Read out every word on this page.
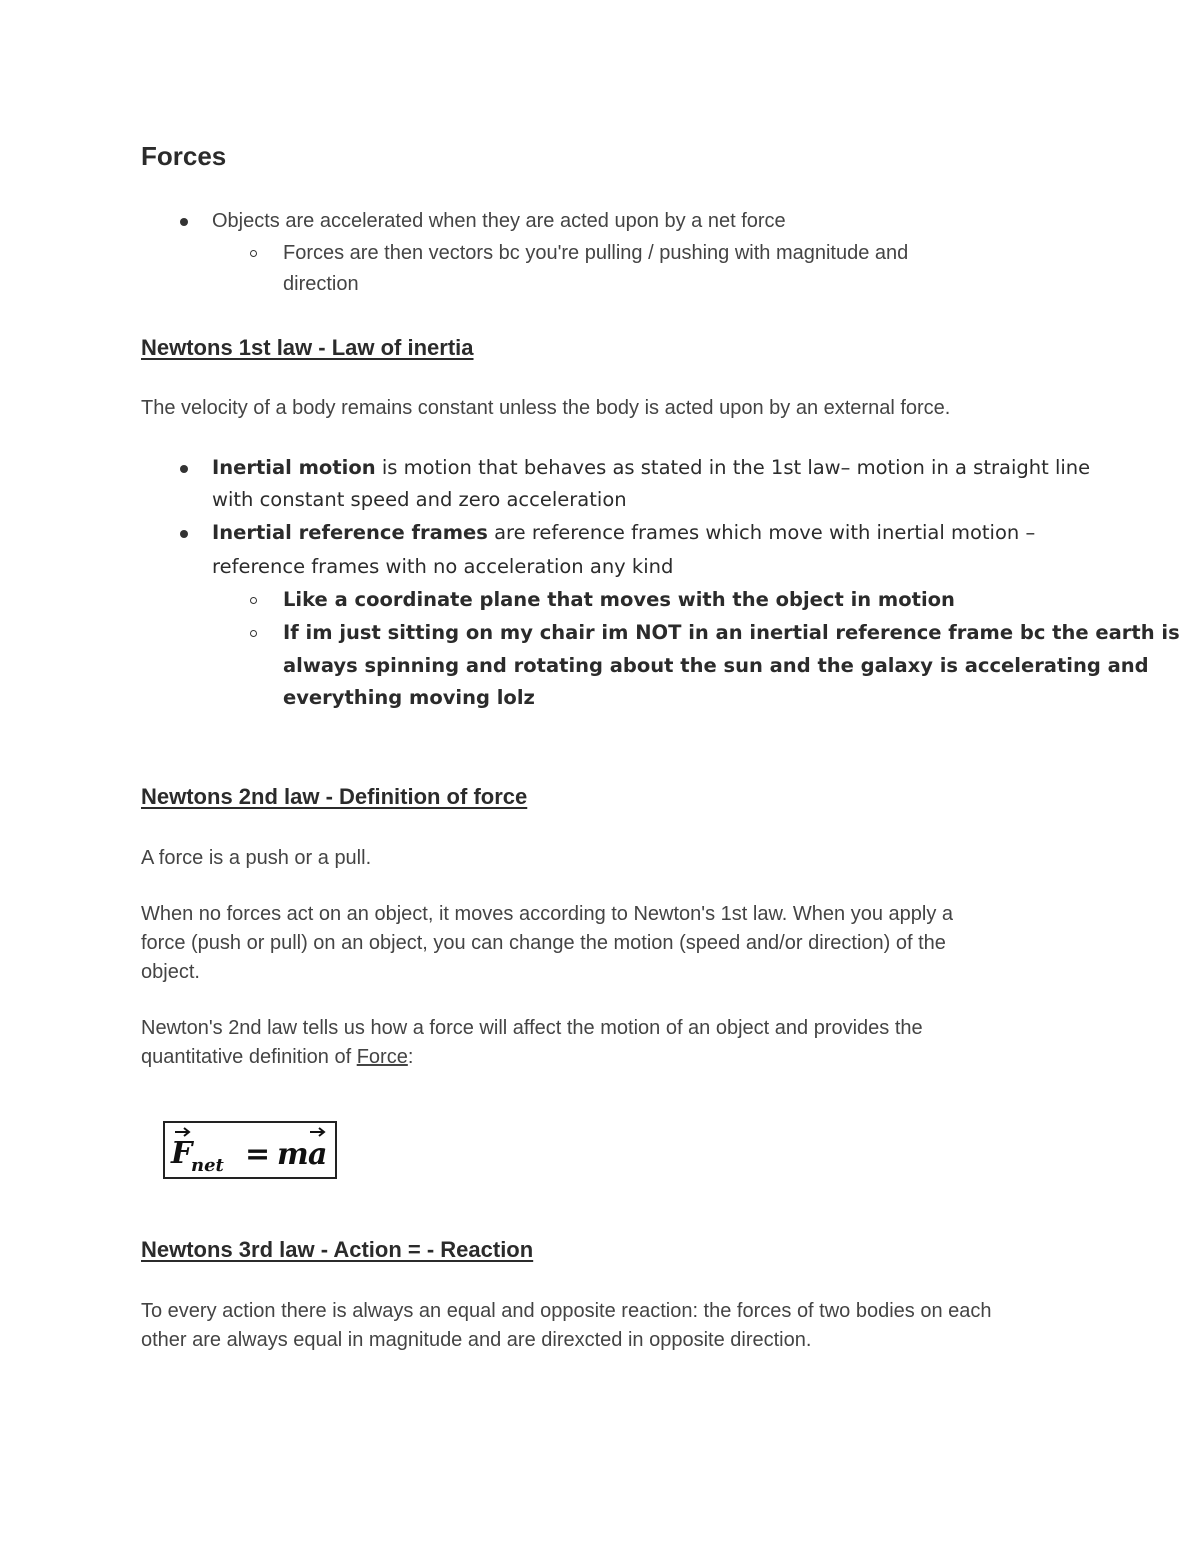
Forces
Objects are accelerated when they are acted upon by a net force
Forces are then vectors bc you're pulling / pushing with magnitude and
direction
Newtons 1st law - Law of inertia
The velocity of a body remains constant unless the body is acted upon by an external force.
Inertial motion is motion that behaves as stated in the 1st law– motion in a straight line
with constant speed and zero acceleration
Inertial reference frames are reference frames which move with inertial motion –
reference frames with no acceleration any kind
Like a coordinate plane that moves with the object in motion
If im just sitting on my chair im NOT in an inertial reference frame bc the earth is
always spinning and rotating about the sun and the galaxy is accelerating and
everything moving lolz
Newtons 2nd law - Definition of force
A force is a push or a pull.
When no forces act on an object, it moves according to Newton's 1st law. When you apply a
force (push or pull) on an object, you can change the motion (speed and/or direction) of the
object.
Newton's 2nd law tells us how a force will affect the motion of an object and provides the
quantitative definition of Force:
F
net = m a
Newtons 3rd law - Action = - Reaction
To every action there is always an equal and opposite reaction: the forces of two bodies on each
other are always equal in magnitude and are direxcted in opposite direction.
